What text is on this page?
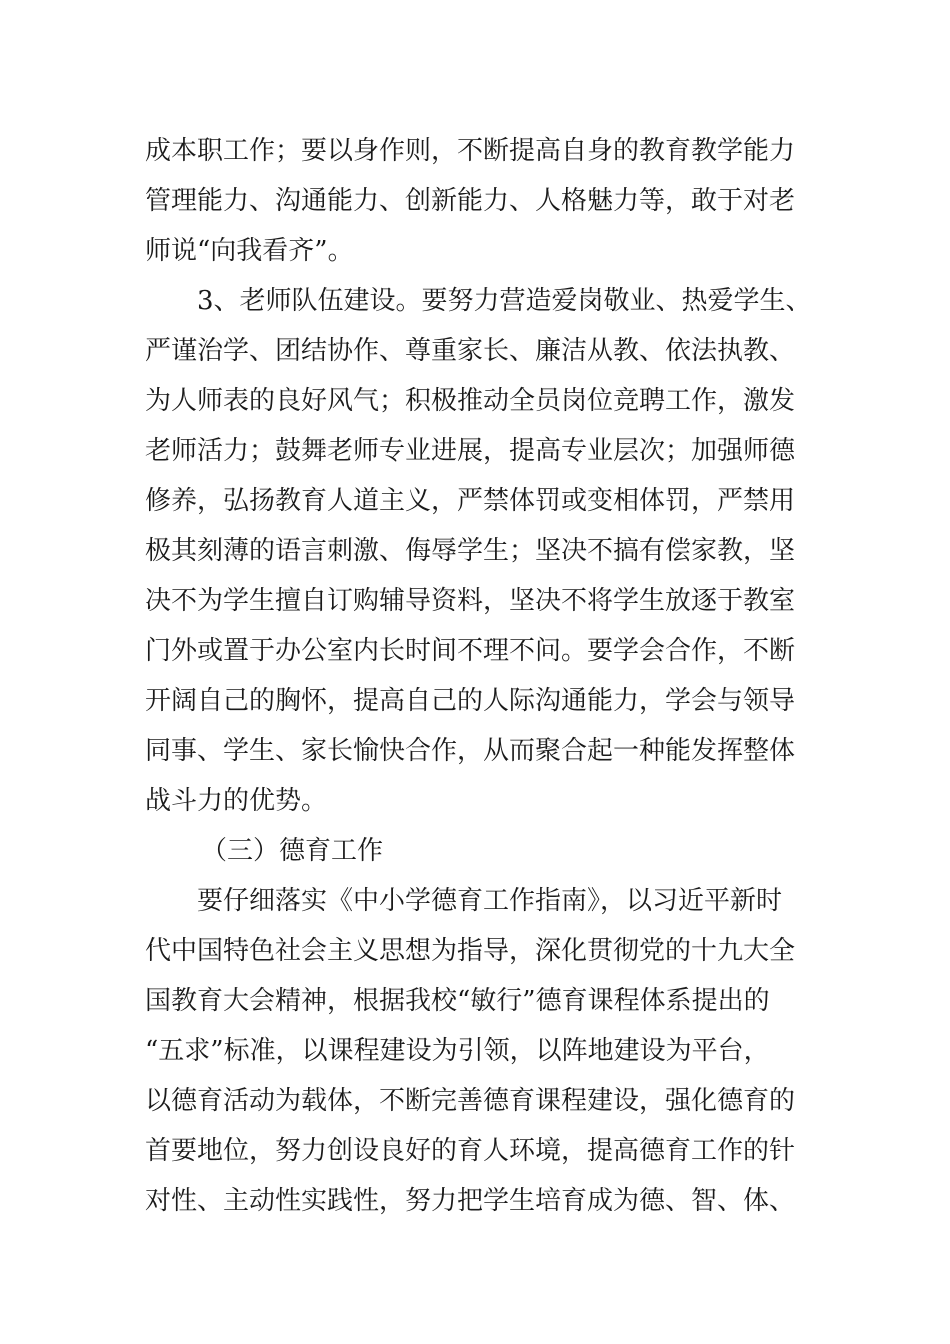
成本职工作；要以身作则，不断提高自身的教育教学能力
管理能力、沟通能力、创新能力、人格魅力等，敢于对老
师说“向我看齐”。
3、老师队伍建设。要努力营造爱岗敬业、热爱学生、
严谨治学、团结协作、尊重家长、廉洁从教、依法执教、
为人师表的良好风气；积极推动全员岗位竞聘工作，激发
老师活力；鼓舞老师专业进展，提高专业层次；加强师德
修养，弘扬教育人道主义，严禁体罚或变相体罚，严禁用
极其刻薄的语言刺激、侮辱学生；坚决不搞有偿家教，坚
决不为学生擅自订购辅导资料，坚决不将学生放逐于教室
门外或置于办公室内长时间不理不问。要学会合作，不断
开阔自己的胸怀，提高自己的人际沟通能力，学会与领导
同事、学生、家长愉快合作，从而聚合起一种能发挥整体
战斗力的优势。
（三）德育工作
要仔细落实《中小学德育工作指南》，以习近平新时
代中国特色社会主义思想为指导，深化贯彻党的十九大全
国教育大会精神，根据我校“敏行”德育课程体系提出的
“五求”标准，以课程建设为引领，以阵地建设为平台，
以德育活动为载体，不断完善德育课程建设，强化德育的
首要地位，努力创设良好的育人环境，提高德育工作的针
对性、主动性实践性，努力把学生培育成为德、智、体、
